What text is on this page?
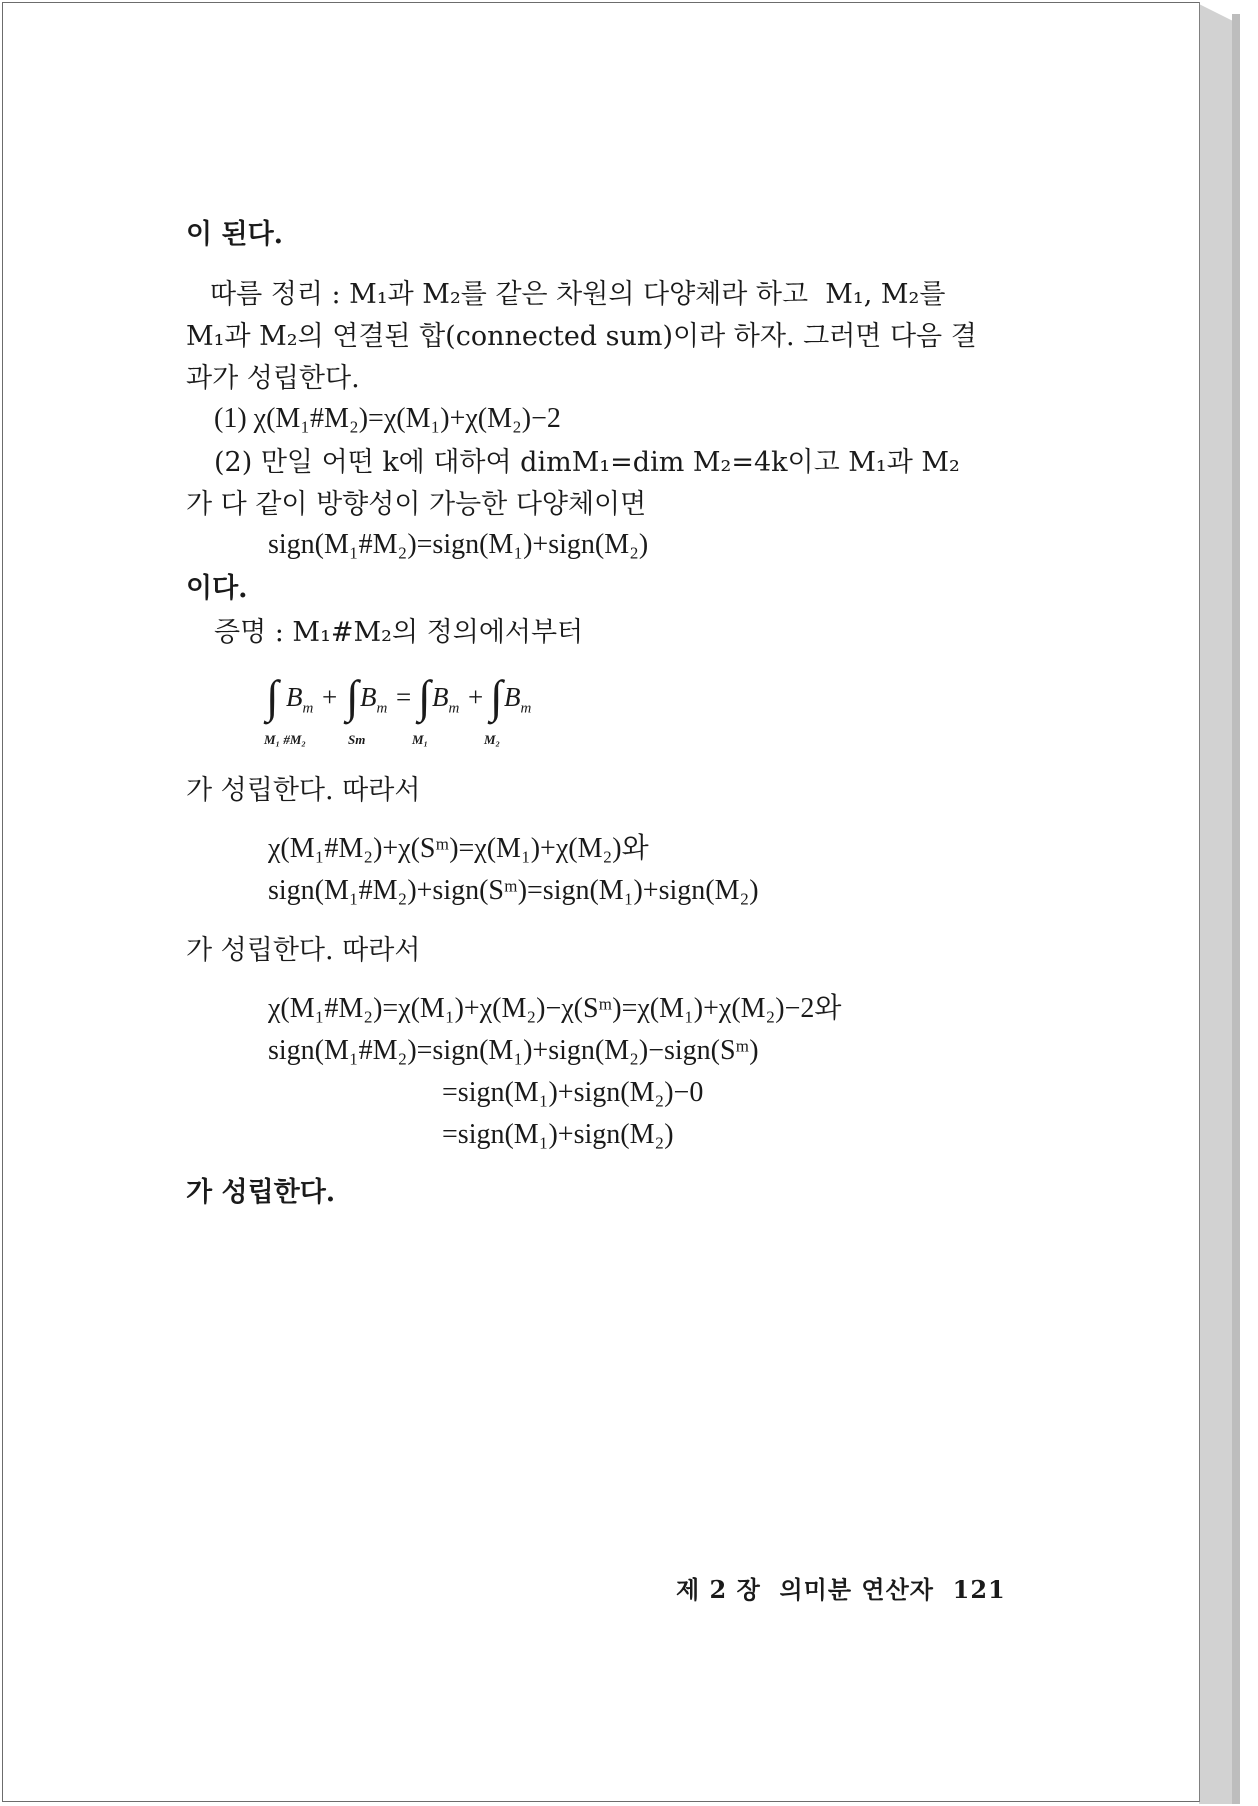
이 된다.
따름 정리 : M₁과 M₂를 같은 차원의 다양체라 하고  M₁, M₂를
M₁과 M₂의 연결된 합(connected sum)이라 하자. 그러면 다음 결
과가 성립한다.
(1) χ(M₁#M₂)=χ(M₁)+χ(M₂)−2
(2) 만일 어떤 k에 대하여 dimM₁=dim M₂=4k이고 M₁과 M₂
가 다 같이 방향성이 가능한 다양체이면
sign(M₁#M₂)=sign(M₁)+sign(M₂)
이다.
증명 : M₁#M₂의 정의에서부터
∫ $B_m$ + ∫ $B_m$ = ∫ $B_m$ + ∫ $B_m$
M₁ #M₂	Sm	M₁	M₂
가 성립한다. 따라서
χ(M₁#M₂)+χ(Sᵐ)=χ(M₁)+χ(M₂)와
sign(M₁#M₂)+sign(Sᵐ)=sign(M₁)+sign(M₂)
가 성립한다. 따라서
χ(M₁#M₂)=χ(M₁)+χ(M₂)−χ(Sᵐ)=χ(M₁)+χ(M₂)−2와
sign(M₁#M₂)=sign(M₁)+sign(M₂)−sign(Sᵐ)
=sign(M₁)+sign(M₂)−0
=sign(M₁)+sign(M₂)
가 성립한다.
제 2 장  의미분 연산자  121
